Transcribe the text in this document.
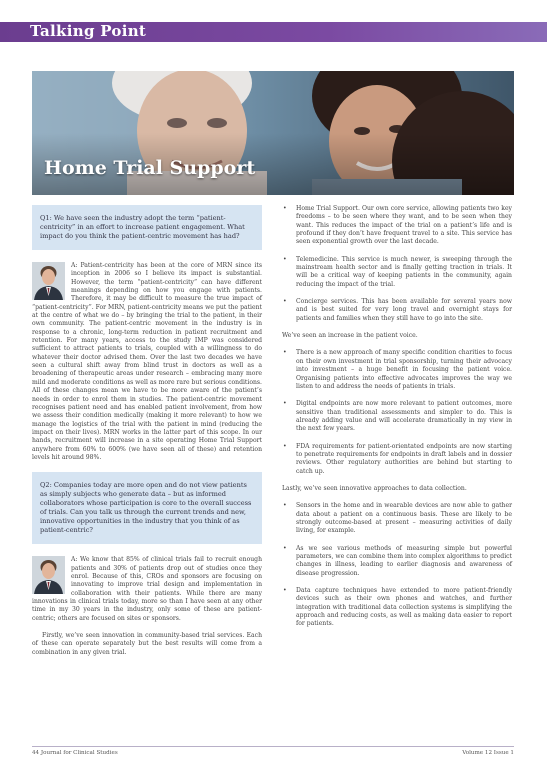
Talking Point
Home Trial Support
Q1: We have seen the industry adopt the term “patient-centricity” in an effort to increase patient engagement. What impact do you think the patient-centric movement has had?
A: Patient-centricity has been at the core of MRN since its inception in 2006 so I believe its impact is substantial. However, the term “patient-centricity” can have different meanings depending on how you engage with patients. Therefore, it may be difficult to measure the true impact of “patient-centricity”. For MRN, patient-centricity means we put the patient at the centre of what we do – by bringing the trial to the patient, in their own community. The patient-centric movement in the industry is in response to a chronic, long-term reduction in patient recruitment and retention. For many years, access to the study IMP was considered sufficient to attract patients to trials, coupled with a willingness to do whatever their doctor advised them. Over the last two decades we have seen a cultural shift away from blind trust in doctors as well as a broadening of therapeutic areas under research – embracing many more mild and moderate conditions as well as more rare but serious conditions. All of these changes mean we have to be more aware of the patient’s needs in order to enrol them in studies. The patient-centric movement recognises patient need and has enabled patient involvement, from how we assess their condition medically (making it more relevant) to how we manage the logistics of the trial with the patient in mind (reducing the impact on their lives). MRN works in the latter part of this scope. In our hands, recruitment will increase in a site operating Home Trial Support anywhere from 60% to 600% (we have seen all of these) and retention levels hit around 98%.
Q2: Companies today are more open and do not view patients as simply subjects who generate data – but as informed collaborators whose participation is core to the overall success of trials. Can you talk us through the current trends and new, innovative opportunities in the industry that you think of as patient-centric?
A: We know that 85% of clinical trials fail to recruit enough patients and 30% of patients drop out of studies once they enrol. Because of this, CROs and sponsors are focusing on innovating to improve trial design and implementation in collaboration with their patients. While there are many innovations in clinical trials today, more so than I have seen at any other time in my 30 years in the industry, only some of these are patient-centric; others are focused on sites or sponsors.
Firstly, we’ve seen innovation in community-based trial services. Each of these can operate separately but the best results will come from a combination in any given trial.
• Home Trial Support. Our own core service, allowing patients two key freedoms – to be seen where they want, and to be seen when they want. This reduces the impact of the trial on a patient’s life and is profound if they don’t have frequent travel to a site. This service has seen exponential growth over the last decade.
• Telemedicine. This service is much newer, is sweeping through the mainstream health sector and is finally getting traction in trials. It will be a critical way of keeping patients in the community, again reducing the impact of the trial.
• Concierge services. This has been available for several years now and is best suited for very long travel and overnight stays for patients and families when they still have to go into the site.
We’ve seen an increase in the patient voice.
• There is a new approach of many specific condition charities to focus on their own investment in trial sponsorship, turning their advocacy into investment – a huge benefit in focusing the patient voice. Organising patients into effective advocates improves the way we listen to and address the needs of patients in trials.
• Digital endpoints are now more relevant to patient outcomes, more sensitive than traditional assessments and simpler to do. This is already adding value and will accelerate dramatically in my view in the next few years.
• FDA requirements for patient-orientated endpoints are now starting to penetrate requirements for endpoints in draft labels and in dossier reviews. Other regulatory authorities are behind but starting to catch up.
Lastly, we’ve seen innovative approaches to data collection.
• Sensors in the home and in wearable devices are now able to gather data about a patient on a continuous basis. These are likely to be strongly outcome-based at present – measuring activities of daily living, for example.
• As we see various methods of measuring simple but powerful parameters, we can combine them into complex algorithms to predict changes in illness, leading to earlier diagnosis and awareness of disease progression.
• Data capture techniques have extended to more patient-friendly devices such as their own phones and watches, and further integration with traditional data collection systems is simplifying the approach and reducing costs, as well as making data easier to report for patients.
44 Journal for Clinical Studies	Volume 12 Issue 1
